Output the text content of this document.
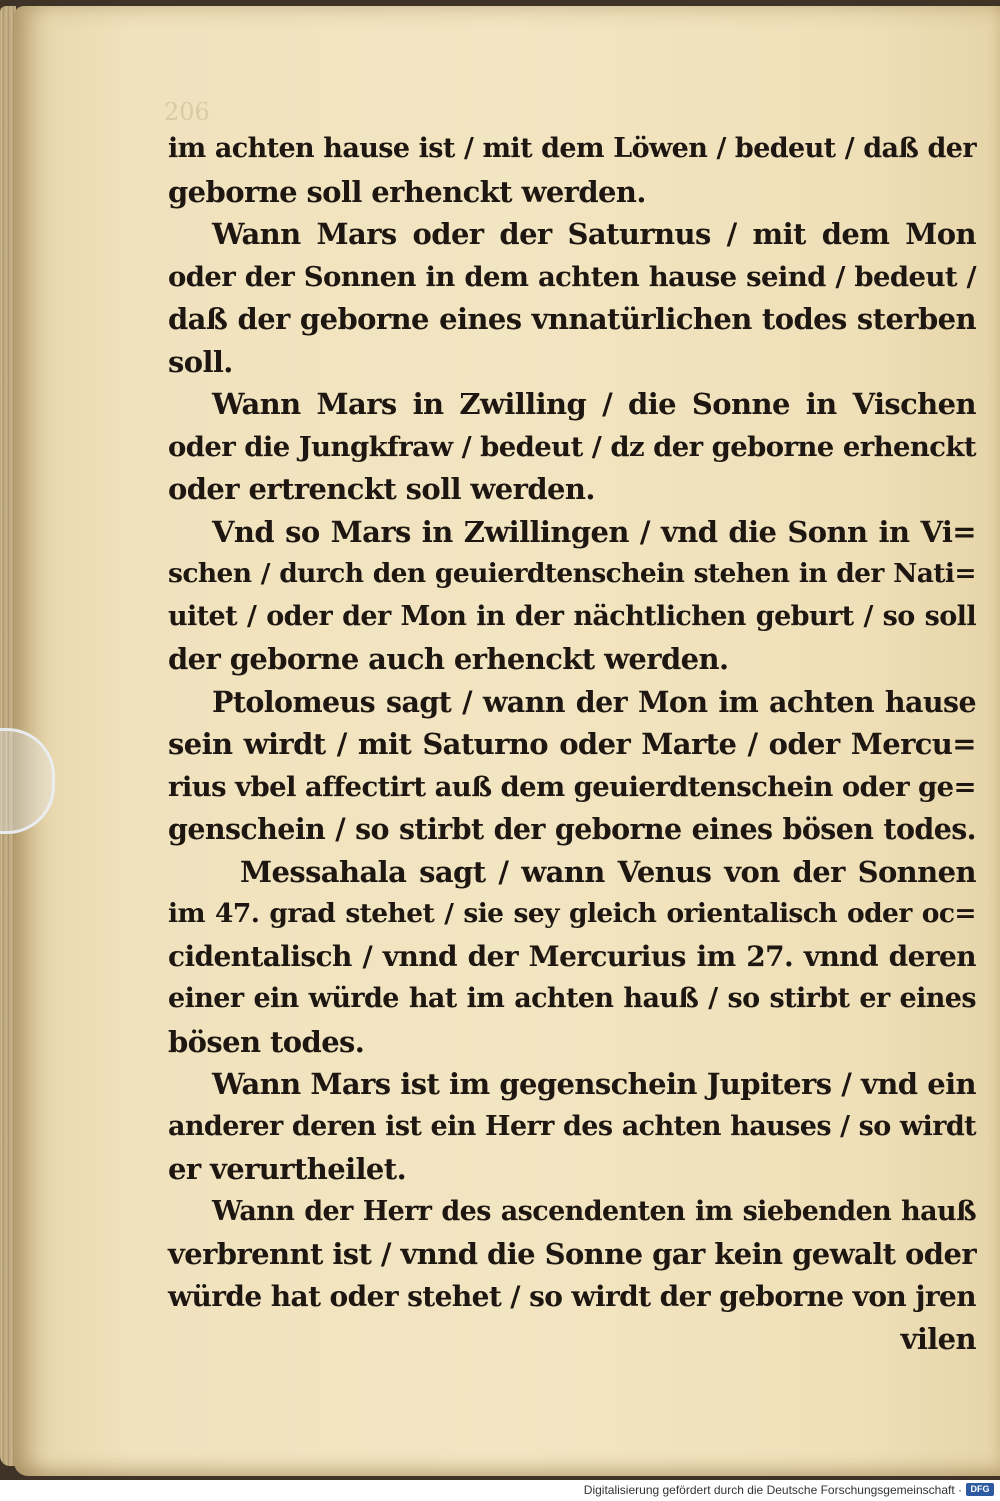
206
im achten hause ist / mit dem Löwen / bedeut / daß der
geborne soll erhenckt werden.
Wann Mars oder der Saturnus / mit dem Mon
oder der Sonnen in dem achten hause seind / bedeut /
daß der geborne eines vnnatürlichen todes sterben
soll.
Wann Mars in Zwilling / die Sonne in Vischen
oder die Jungkfraw / bedeut / dz der geborne erhenckt
oder ertrenckt soll werden.
Vnd so Mars in Zwillingen / vnd die Sonn in Vi=
schen / durch den geuierdtenschein stehen in der Nati=
uitet / oder der Mon in der nächtlichen geburt / so soll
der geborne auch erhenckt werden.
Ptolomeus sagt / wann der Mon im achten hause
sein wirdt / mit Saturno oder Marte / oder Mercu=
rius vbel affectirt auß dem geuierdtenschein oder ge=
genschein / so stirbt der geborne eines bösen todes.
Messahala sagt / wann Venus von der Sonnen
im 47. grad stehet / sie sey gleich orientalisch oder oc=
cidentalisch / vnnd der Mercurius im 27. vnnd deren
einer ein würde hat im achten hauß / so stirbt er eines
bösen todes.
Wann Mars ist im gegenschein Jupiters / vnd ein
anderer deren ist ein Herr des achten hauses / so wirdt
er verurtheilet.
Wann der Herr des ascendenten im siebenden hauß
verbrennt ist / vnnd die Sonne gar kein gewalt oder
würde hat oder stehet / so wirdt der geborne von jren
vilen
Digitalisierung gefördert durch die Deutsche Forschungsgemeinschaft · DFG
